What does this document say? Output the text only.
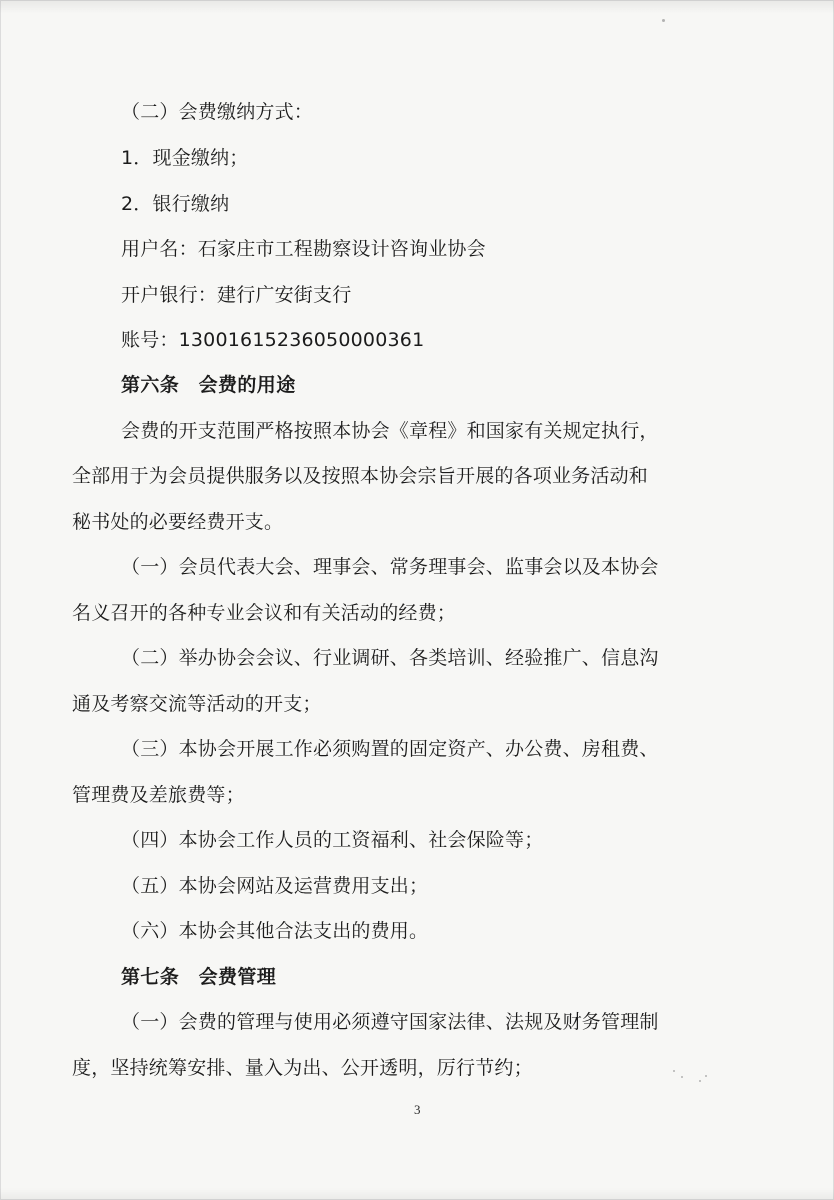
（二）会费缴纳方式：
1．现金缴纳；
2．银行缴纳
用户名：石家庄市工程勘察设计咨询业协会
开户银行：建行广安街支行
账号：13001615236050000361
第六条　会费的用途
会费的开支范围严格按照本协会《章程》和国家有关规定执行，
全部用于为会员提供服务以及按照本协会宗旨开展的各项业务活动和
秘书处的必要经费开支。
（一）会员代表大会、理事会、常务理事会、监事会以及本协会
名义召开的各种专业会议和有关活动的经费；
（二）举办协会会议、行业调研、各类培训、经验推广、信息沟
通及考察交流等活动的开支；
（三）本协会开展工作必须购置的固定资产、办公费、房租费、
管理费及差旅费等；
（四）本协会工作人员的工资福利、社会保险等；
（五）本协会网站及运营费用支出；
（六）本协会其他合法支出的费用。
第七条　会费管理
（一）会费的管理与使用必须遵守国家法律、法规及财务管理制
度，坚持统筹安排、量入为出、公开透明，厉行节约；
3
